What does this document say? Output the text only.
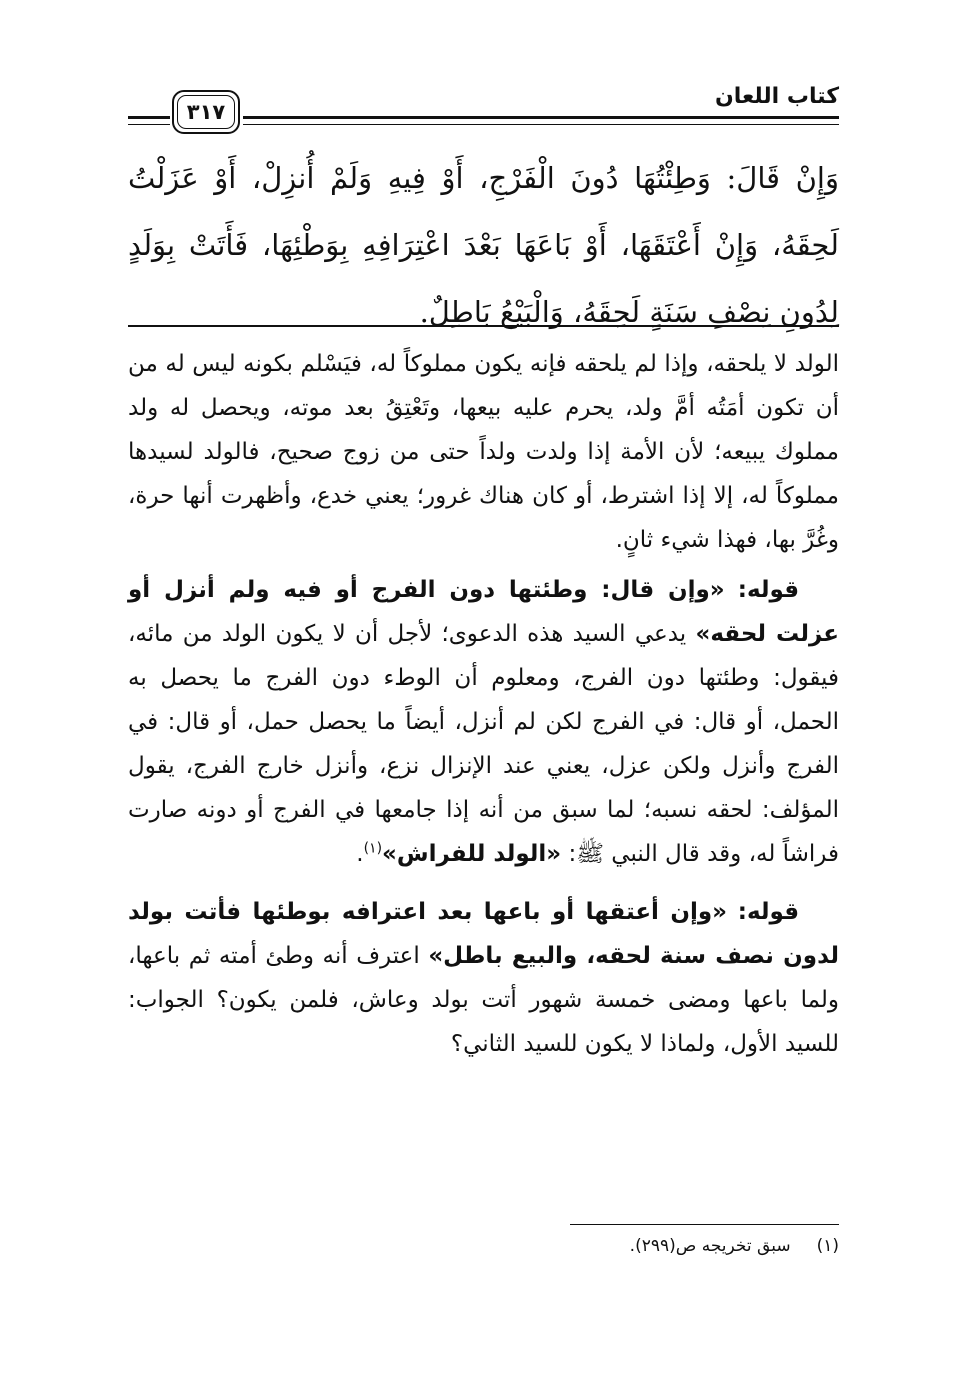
كتاب اللعان
٣١٧

وَإِنْ قَالَ: وَطِئْتُهَا دُونَ الْفَرْجِ، أَوْ فِيهِ وَلَمْ أُنزِلْ، أَوْ عَزَلْتُ لَحِقَهُ، وَإِنْ أَعْتَقَهَا، أَوْ بَاعَهَا بَعْدَ اعْتِرَافِهِ بِوَطْئِهَا، فَأَتَتْ بِوَلَدٍ لِدُونِ نِصْفِ سَنَةٍ لَحِقَهُ، وَالْبَيْعُ بَاطِلٌ.

الولد لا يلحقه، وإذا لم يلحقه فإنه يكون مملوكاً له، فيَسْلم بكونه ليس له من أن تكون أمَتُه أمَّ ولد، يحرم عليه بيعها، وتَعْتِقُ بعد موته، ويحصل له ولد مملوك يبيعه؛ لأن الأمة إذا ولدت ولداً حتى من زوج صحيح، فالولد لسيدها مملوكاً له، إلا إذا اشترط، أو كان هناك غرور؛ يعني خدع، وأظهرت أنها حرة، وغُرَّ بها، فهذا شيء ثانٍ.

قوله: «وإن قال: وطئتها دون الفرج أو فيه ولم أنزل أو عزلت لحقه» يدعي السيد هذه الدعوى؛ لأجل أن لا يكون الولد من مائه، فيقول: وطئتها دون الفرج، ومعلوم أن الوطء دون الفرج ما يحصل به الحمل، أو قال: في الفرج لكن لم أنزل، أيضاً ما يحصل حمل، أو قال: في الفرج وأنزل ولكن عزل، يعني عند الإنزال نزع، وأنزل خارج الفرج، يقول المؤلف: لحقه نسبه؛ لما سبق من أنه إذا جامعها في الفرج أو دونه صارت فراشاً له، وقد قال النبي ﷺ: «الولد للفراش»$^{(١)}$.

قوله: «وإن أعتقها أو باعها بعد اعترافه بوطئها فأتت بولد لدون نصف سنة لحقه، والبيع باطل» اعترف أنه وطئ أمته ثم باعها، ولما باعها ومضى خمسة شهور أتت بولد وعاش، فلمن يكون؟ الجواب: للسيد الأول، ولماذا لا يكون للسيد الثاني؟

(١)سبق تخريجه ص(٢٩٩).
